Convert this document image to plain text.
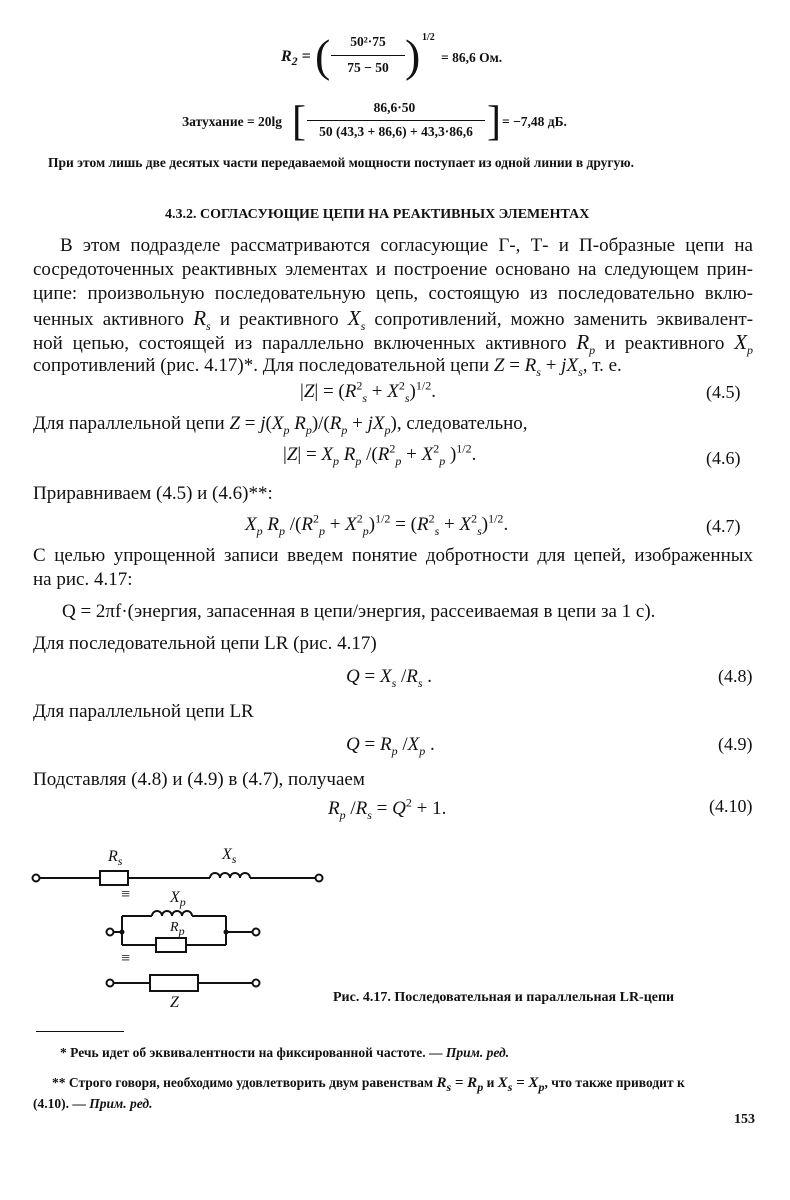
$R_2$ = (	50²·75
75 − 50 ) 1/2
= 86,6 Ом.
Затухание = 20lg [	86,6·50
50 (43,3 + 86,6) + 43,3·86,6 ] = −7,48 дБ.
При этом лишь две десятых части передаваемой мощности поступает из одной линии в другую.
4.3.2. СОГЛАСУЮЩИЕ ЦЕПИ НА РЕАКТИВНЫХ ЭЛЕМЕНТАХ
В этом подразделе рассматриваются согласующие Г-, Т- и П-образные цепи на
сосредоточенных реактивных элементах и построение основано на следующем прин-
ципе: произвольную последовательную цепь, состоящую из последовательно вклю-
ченных активного $R_s$ и реактивного $X_s$ сопротивлений, можно заменить эквивалент-
ной цепью, состоящей из параллельно включенных активного $R_p$ и реактивного $X_p$
сопротивлений (рис. 4.17)*. Для последовательной цепи $Z = R_s + jX_s$, т. е.
$|Z| = (R^2_s + X^2_s)^{1/2}$.	(4.5)
Для параллельной цепи $Z = j(X_p$ $R_p)/(R_p + jX_p)$, следовательно,
$|Z| = X_p$ $R_p$ $/(R^2_p + X^2_p$ )$^{1/2}$.	(4.6)
Приравниваем (4.5) и (4.6)**:
$X_p$ $R_p$ $/(R^2_p + X^2_p)^{1/2} = (R^2_s + X^2_s)^{1/2}$.	(4.7)
С целью упрощенной записи введем понятие добротности для цепей, изображенных
на рис. 4.17:
Q = 2πf·(энергия, запасенная в цепи/энергия, рассеиваемая в цепи за 1 с).
Для последовательной цепи LR (рис. 4.17)
$Q = X_s$ $/R_s$ .	(4.8)
Для параллельной цепи LR
$Q = R_p$ $/X_p$ .	(4.9)
Подставляя (4.8) и (4.9) в (4.7), получаем
$R_p$ $/R_s = Q^2 + 1$.	(4.10)
$R_s$	$X_s$
≡ $X_p$
$R_p$
≡
Z	Рис. 4.17. Последовательная и параллельная LR-цепи
* Речь идет об эквивалентности на фиксированной частоте. — Прим. ред.
** Строго говоря, необходимо удовлетворить двум равенствам $R_s = R_p$ и $X_s = X_p$, что также приводит к
(4.10). — Прим. ред.
153
